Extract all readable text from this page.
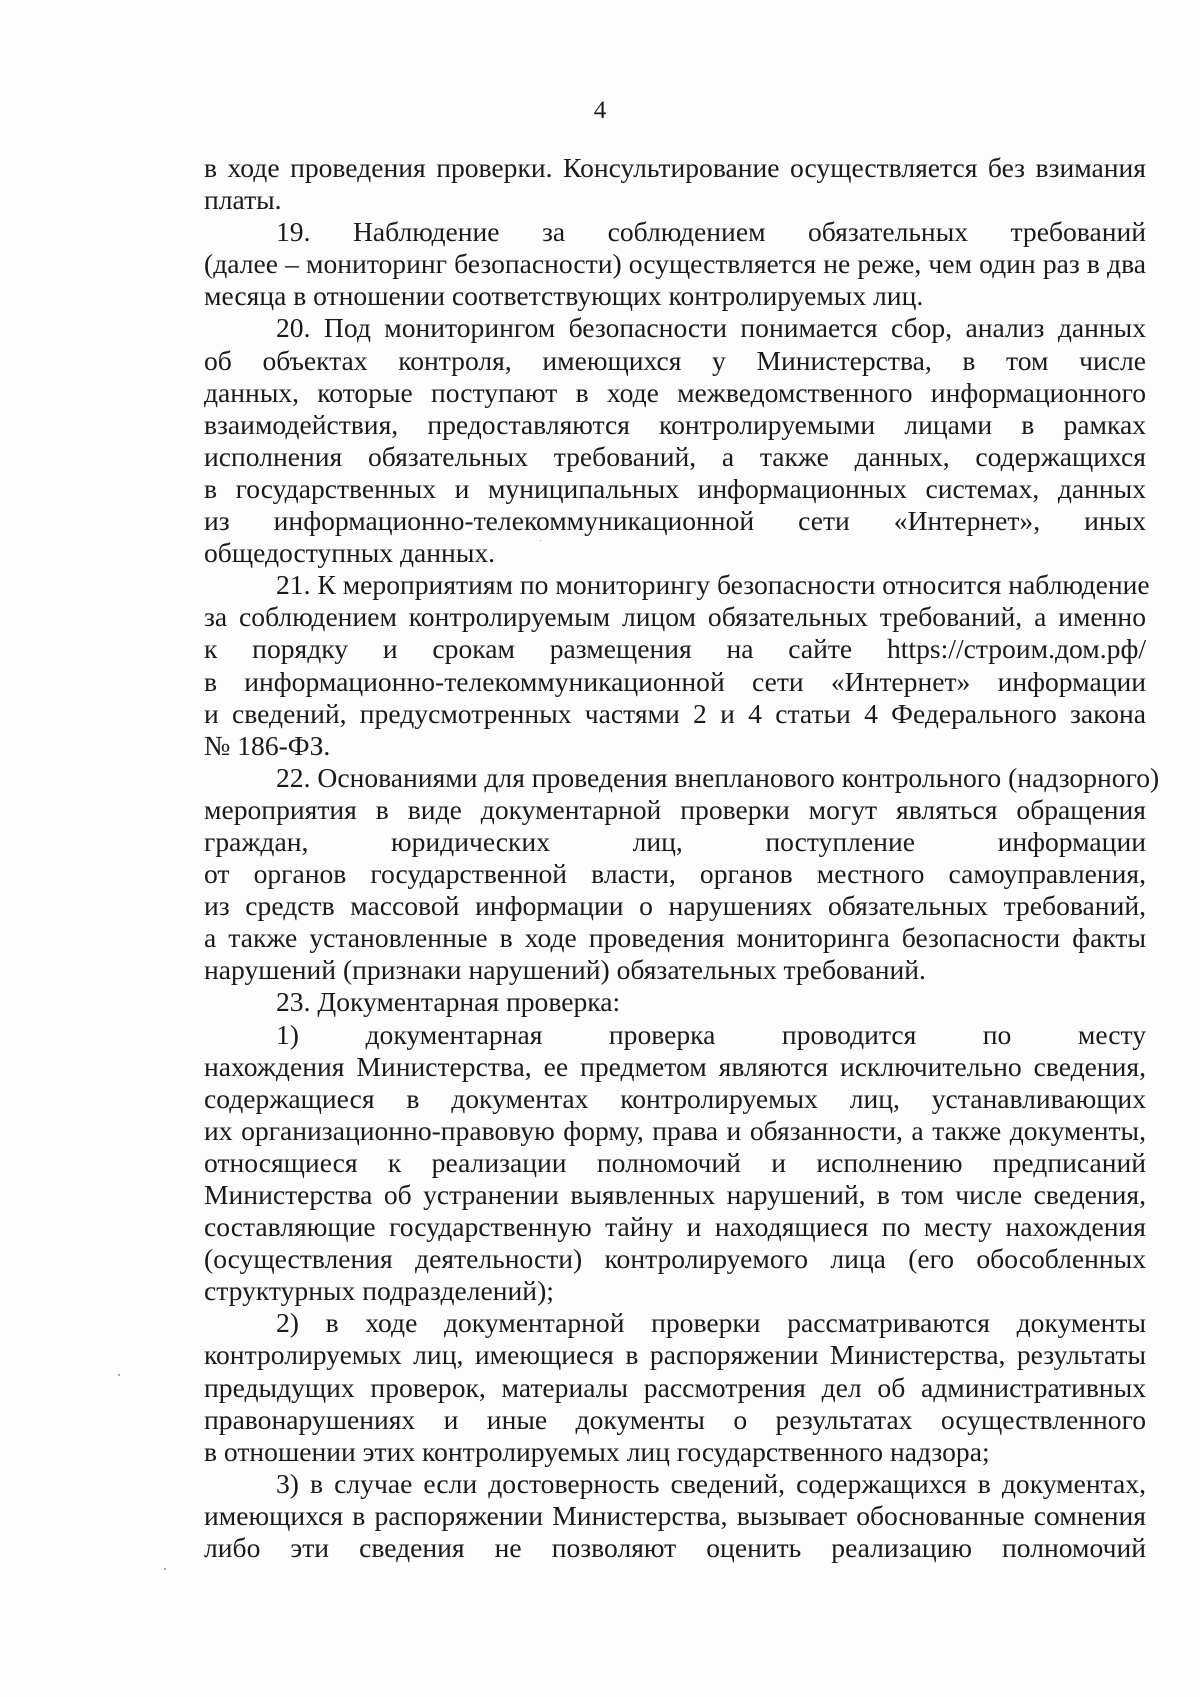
4
в ходе проведения проверки. Консультирование осуществляется без взимания
платы.
19. Наблюдение за соблюдением обязательных требований
(далее – мониторинг безопасности) осуществляется не реже, чем один раз в два
месяца в отношении соответствующих контролируемых лиц.
20. Под мониторингом безопасности понимается сбор, анализ данных
об объектах контроля, имеющихся у Министерства, в том числе
данных, которые поступают в ходе межведомственного информационного
взаимодействия, предоставляются контролируемыми лицами в рамках
исполнения обязательных требований, а также данных, содержащихся
в государственных и муниципальных информационных системах, данных
из информационно-телекоммуникационной сети «Интернет», иных
общедоступных данных.
21. К мероприятиям по мониторингу безопасности относится наблюдение
за соблюдением контролируемым лицом обязательных требований, а именно
к порядку и срокам размещения на сайте https://строим.дом.рф/
в информационно-телекоммуникационной сети «Интернет» информации
и сведений, предусмотренных частями 2 и 4 статьи 4 Федерального закона
№ 186-ФЗ.
22. Основаниями для проведения внепланового контрольного (надзорного)
мероприятия в виде документарной проверки могут являться обращения
граждан, юридических лиц, поступление информации
от органов государственной власти, органов местного самоуправления,
из средств массовой информации о нарушениях обязательных требований,
а также установленные в ходе проведения мониторинга безопасности факты
нарушений (признаки нарушений) обязательных требований.
23. Документарная проверка:
1) документарная проверка проводится по месту
нахождения Министерства, ее предметом являются исключительно сведения,
содержащиеся в документах контролируемых лиц, устанавливающих
их организационно-правовую форму, права и обязанности, а также документы,
относящиеся к реализации полномочий и исполнению предписаний
Министерства об устранении выявленных нарушений, в том числе сведения,
составляющие государственную тайну и находящиеся по месту нахождения
(осуществления деятельности) контролируемого лица (его обособленных
структурных подразделений);
2) в ходе документарной проверки рассматриваются документы
контролируемых лиц, имеющиеся в распоряжении Министерства, результаты
предыдущих проверок, материалы рассмотрения дел об административных
правонарушениях и иные документы о результатах осуществленного
в отношении этих контролируемых лиц государственного надзора;
3) в случае если достоверность сведений, содержащихся в документах,
имеющихся в распоряжении Министерства, вызывает обоснованные сомнения
либо эти сведения не позволяют оценить реализацию полномочий
